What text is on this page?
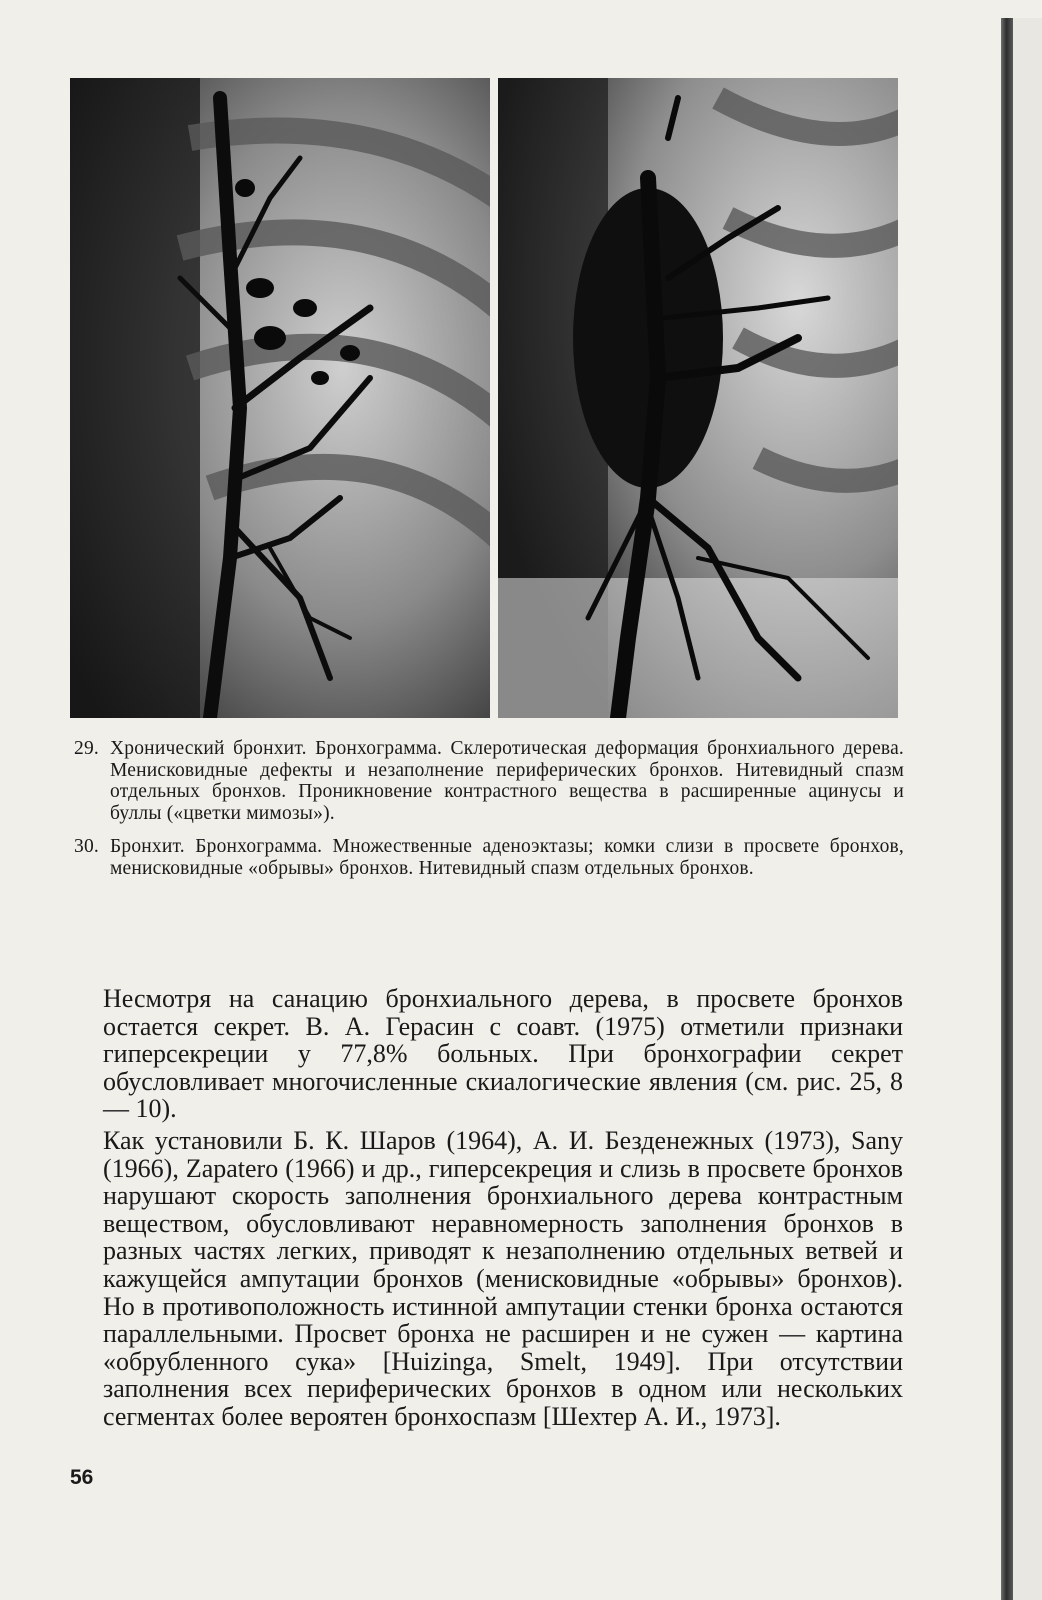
29. Хронический бронхит. Бронхограмма. Склеротическая деформация бронхиального дерева. Менисковидные дефекты и незаполнение периферических бронхов. Нитевидный спазм отдельных бронхов. Проникновение контрастного вещества в расширенные ацинусы и буллы («цветки мимозы»).
30. Бронхит. Бронхограмма. Множественные аденоэктазы; комки слизи в просвете бронхов, менисковидные «обрывы» бронхов. Нитевидный спазм отдельных бронхов.

Несмотря на санацию бронхиального дерева, в просвете бронхов остается секрет. В. А. Герасин с соавт. (1975) отметили признаки гиперсекреции у 77,8% больных. При бронхографии секрет обусловливает многочисленные скиалогические явления (см. рис. 25, 8 — 10).

Как установили Б. К. Шаров (1964), А. И. Безденежных (1973), Sany (1966), Zapatero (1966) и др., гиперсекреция и слизь в просвете бронхов нарушают скорость заполнения бронхиального дерева контрастным веществом, обусловливают неравномерность заполнения бронхов в разных частях легких, приводят к незаполнению отдельных ветвей и кажущейся ампутации бронхов (менисковидные «обрывы» бронхов). Но в противоположность истинной ампутации стенки бронха остаются параллельными. Просвет бронха не расширен и не сужен — картина «обрубленного сука» [Huizinga, Smelt, 1949]. При отсутствии заполнения всех периферических бронхов в одном или нескольких сегментах более вероятен бронхоспазм [Шехтер А. И., 1973].

56
